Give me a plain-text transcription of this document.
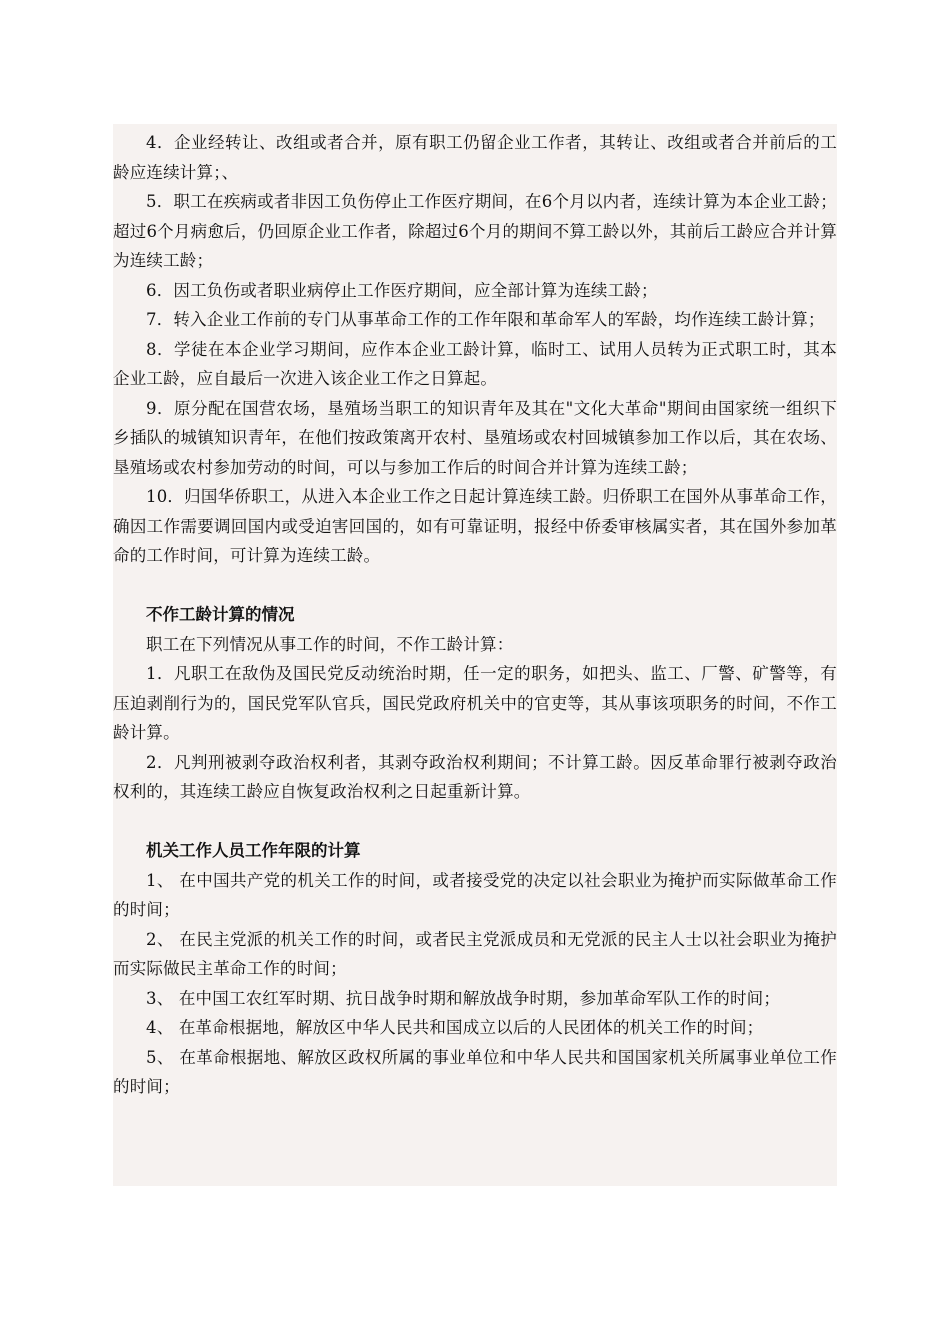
4．企业经转让、改组或者合并，原有职工仍留企业工作者，其转让、改组或者合并前后的工龄应连续计算；、

5．职工在疾病或者非因工负伤停止工作医疗期间，在6个月以内者，连续计算为本企业工龄；超过6个月病愈后，仍回原企业工作者，除超过6个月的期间不算工龄以外，其前后工龄应合并计算为连续工龄；

6．因工负伤或者职业病停止工作医疗期间，应全部计算为连续工龄；

7．转入企业工作前的专门从事革命工作的工作年限和革命军人的军龄，均作连续工龄计算；

8．学徒在本企业学习期间，应作本企业工龄计算，临时工、试用人员转为正式职工时，其本企业工龄，应自最后一次进入该企业工作之日算起。

9．原分配在国营农场，垦殖场当职工的知识青年及其在"文化大革命"期间由国家统一组织下乡插队的城镇知识青年，在他们按政策离开农村、垦殖场或农村回城镇参加工作以后，其在农场、垦殖场或农村参加劳动的时间，可以与参加工作后的时间合并计算为连续工龄；

10．归国华侨职工，从进入本企业工作之日起计算连续工龄。归侨职工在国外从事革命工作，确因工作需要调回国内或受迫害回国的，如有可靠证明，报经中侨委审核属实者，其在国外参加革命的工作时间，可计算为连续工龄。

不作工龄计算的情况

职工在下列情况从事工作的时间，不作工龄计算：

1．凡职工在敌伪及国民党反动统治时期，任一定的职务，如把头、监工、厂警、矿警等，有压迫剥削行为的，国民党军队官兵，国民党政府机关中的官吏等，其从事该项职务的时间，不作工龄计算。

2．凡判刑被剥夺政治权利者，其剥夺政治权利期间；不计算工龄。因反革命罪行被剥夺政治权利的，其连续工龄应自恢复政治权利之日起重新计算。

机关工作人员工作年限的计算

1、 在中国共产党的机关工作的时间，或者接受党的决定以社会职业为掩护而实际做革命工作的时间；

2、 在民主党派的机关工作的时间，或者民主党派成员和无党派的民主人士以社会职业为掩护而实际做民主革命工作的时间；

3、 在中国工农红军时期、抗日战争时期和解放战争时期，参加革命军队工作的时间；

4、 在革命根据地，解放区中华人民共和国成立以后的人民团体的机关工作的时间；

5、 在革命根据地、解放区政权所属的事业单位和中华人民共和国国家机关所属事业单位工作的时间；
